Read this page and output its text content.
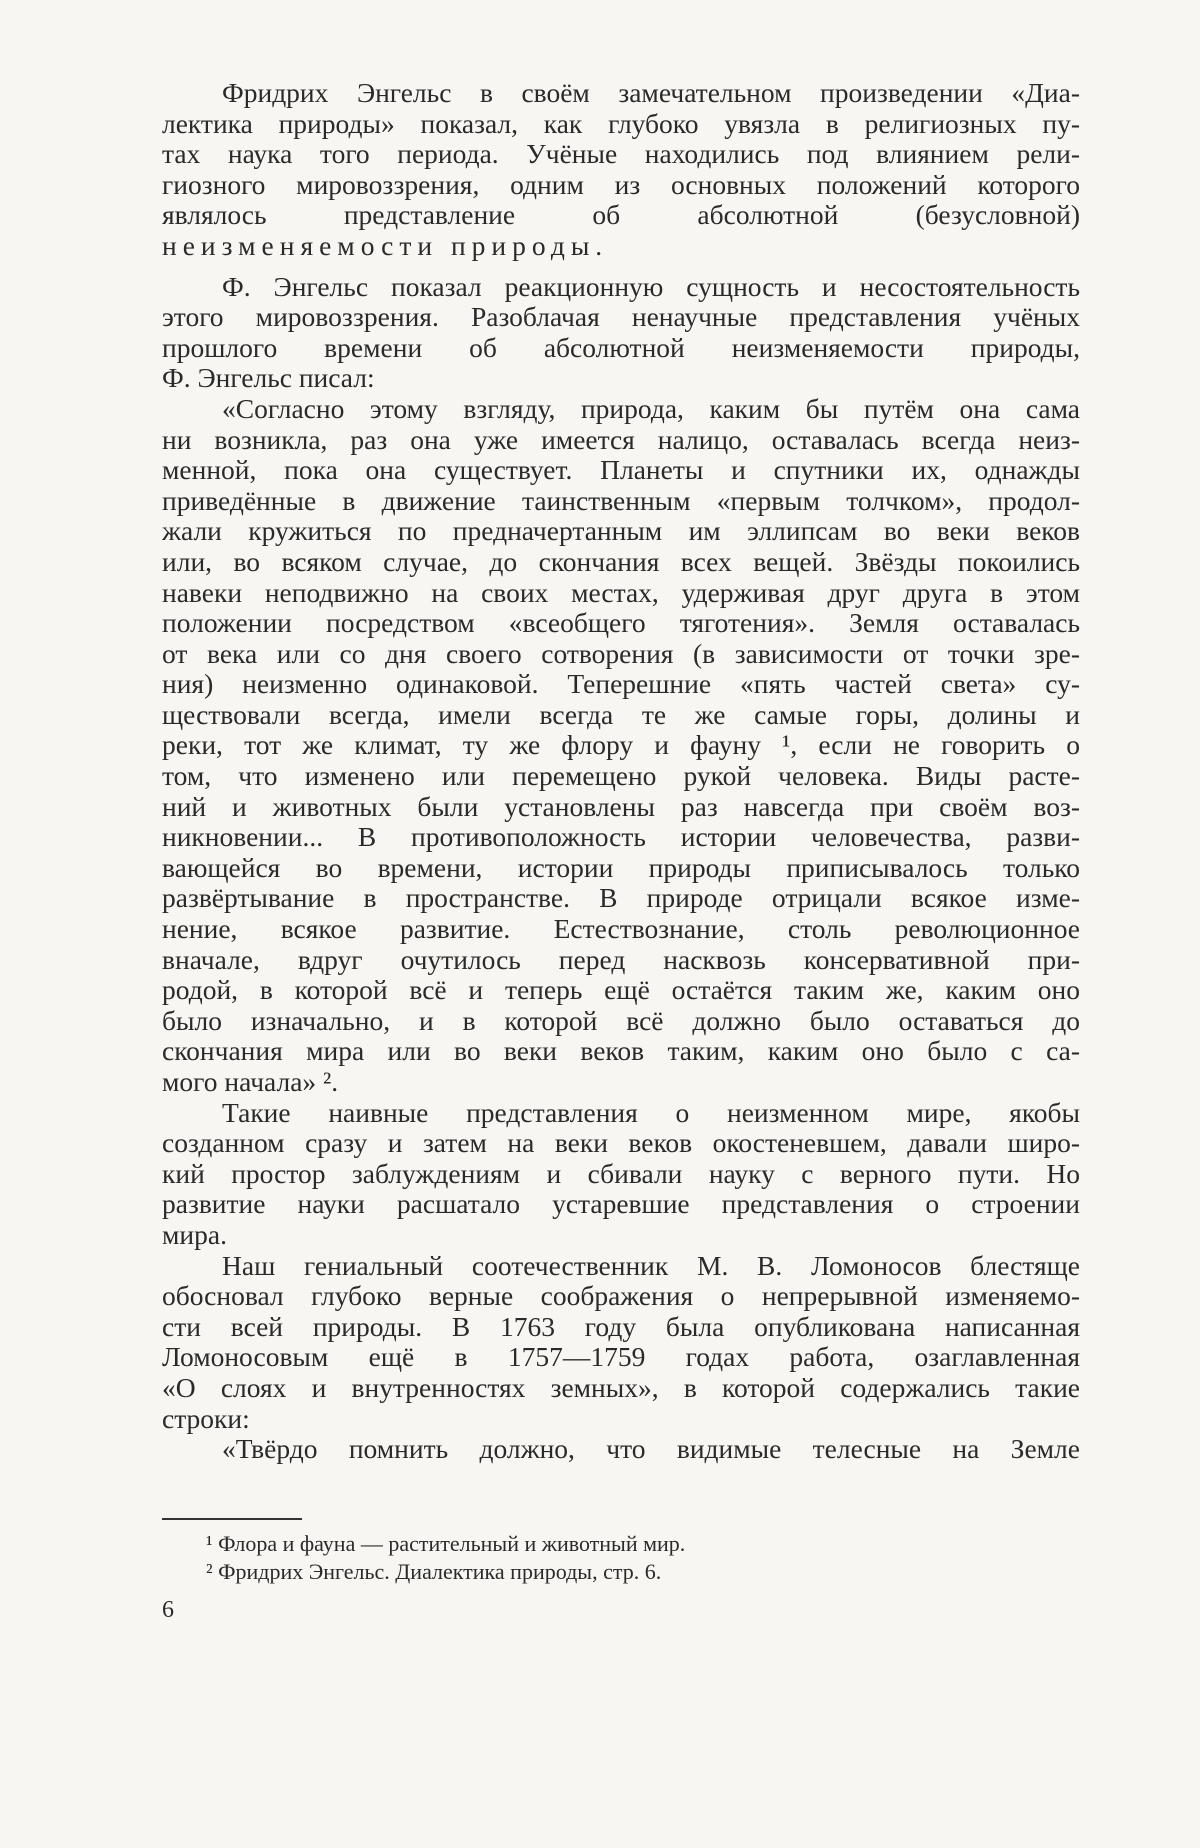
Фридрих Энгельс в своём замечательном произведении «Диа-
лектика природы» показал, как глубоко увязла в религиозных пу-
тах наука того периода. Учёные находились под влиянием рели-
гиозного мировоззрения, одним из основных положений которого
являлось представление об абсолютной (безусловной)
неизменяемости природы.
Ф. Энгельс показал реакционную сущность и несостоятельность
этого мировоззрения. Разоблачая ненаучные представления учёных
прошлого времени об абсолютной неизменяемости природы,
Ф. Энгельс писал:
«Согласно этому взгляду, природа, каким бы путём она сама
ни возникла, раз она уже имеется налицо, оставалась всегда неиз-
менной, пока она существует. Планеты и спутники их, однажды
приведённые в движение таинственным «первым толчком», продол-
жали кружиться по предначертанным им эллипсам во веки веков
или, во всяком случае, до скончания всех вещей. Звёзды покоились
навеки неподвижно на своих местах, удерживая друг друга в этом
положении посредством «всеобщего тяготения». Земля оставалась
от века или со дня своего сотворения (в зависимости от точки зре-
ния) неизменно одинаковой. Теперешние «пять частей света» су-
ществовали всегда, имели всегда те же самые горы, долины и
реки, тот же климат, ту же флору и фауну ¹, если не говорить о
том, что изменено или перемещено рукой человека. Виды расте-
ний и животных были установлены раз навсегда при своём воз-
никновении... В противоположность истории человечества, разви-
вающейся во времени, истории природы приписывалось только
развёртывание в пространстве. В природе отрицали всякое изме-
нение, всякое развитие. Естествознание, столь революционное
вначале, вдруг очутилось перед насквозь консервативной при-
родой, в которой всё и теперь ещё остаётся таким же, каким оно
было изначально, и в которой всё должно было оставаться до
скончания мира или во веки веков таким, каким оно было с са-
мого начала» ².
Такие наивные представления о неизменном мире, якобы
созданном сразу и затем на веки веков окостеневшем, давали широ-
кий простор заблуждениям и сбивали науку с верного пути. Но
развитие науки расшатало устаревшие представления о строении
мира.
Наш гениальный соотечественник М. В. Ломоносов блестяще
обосновал глубоко верные соображения о непрерывной изменяемо-
сти всей природы. В 1763 году была опубликована написанная
Ломоносовым ещё в 1757—1759 годах работа, озаглавленная
«О слоях и внутренностях земных», в которой содержались такие
строки:
«Твёрдо помнить должно, что видимые телесные на Земле
¹ Флора и фауна — растительный и животный мир.
² Фридрих Энгельс. Диалектика природы, стр. 6.
6
